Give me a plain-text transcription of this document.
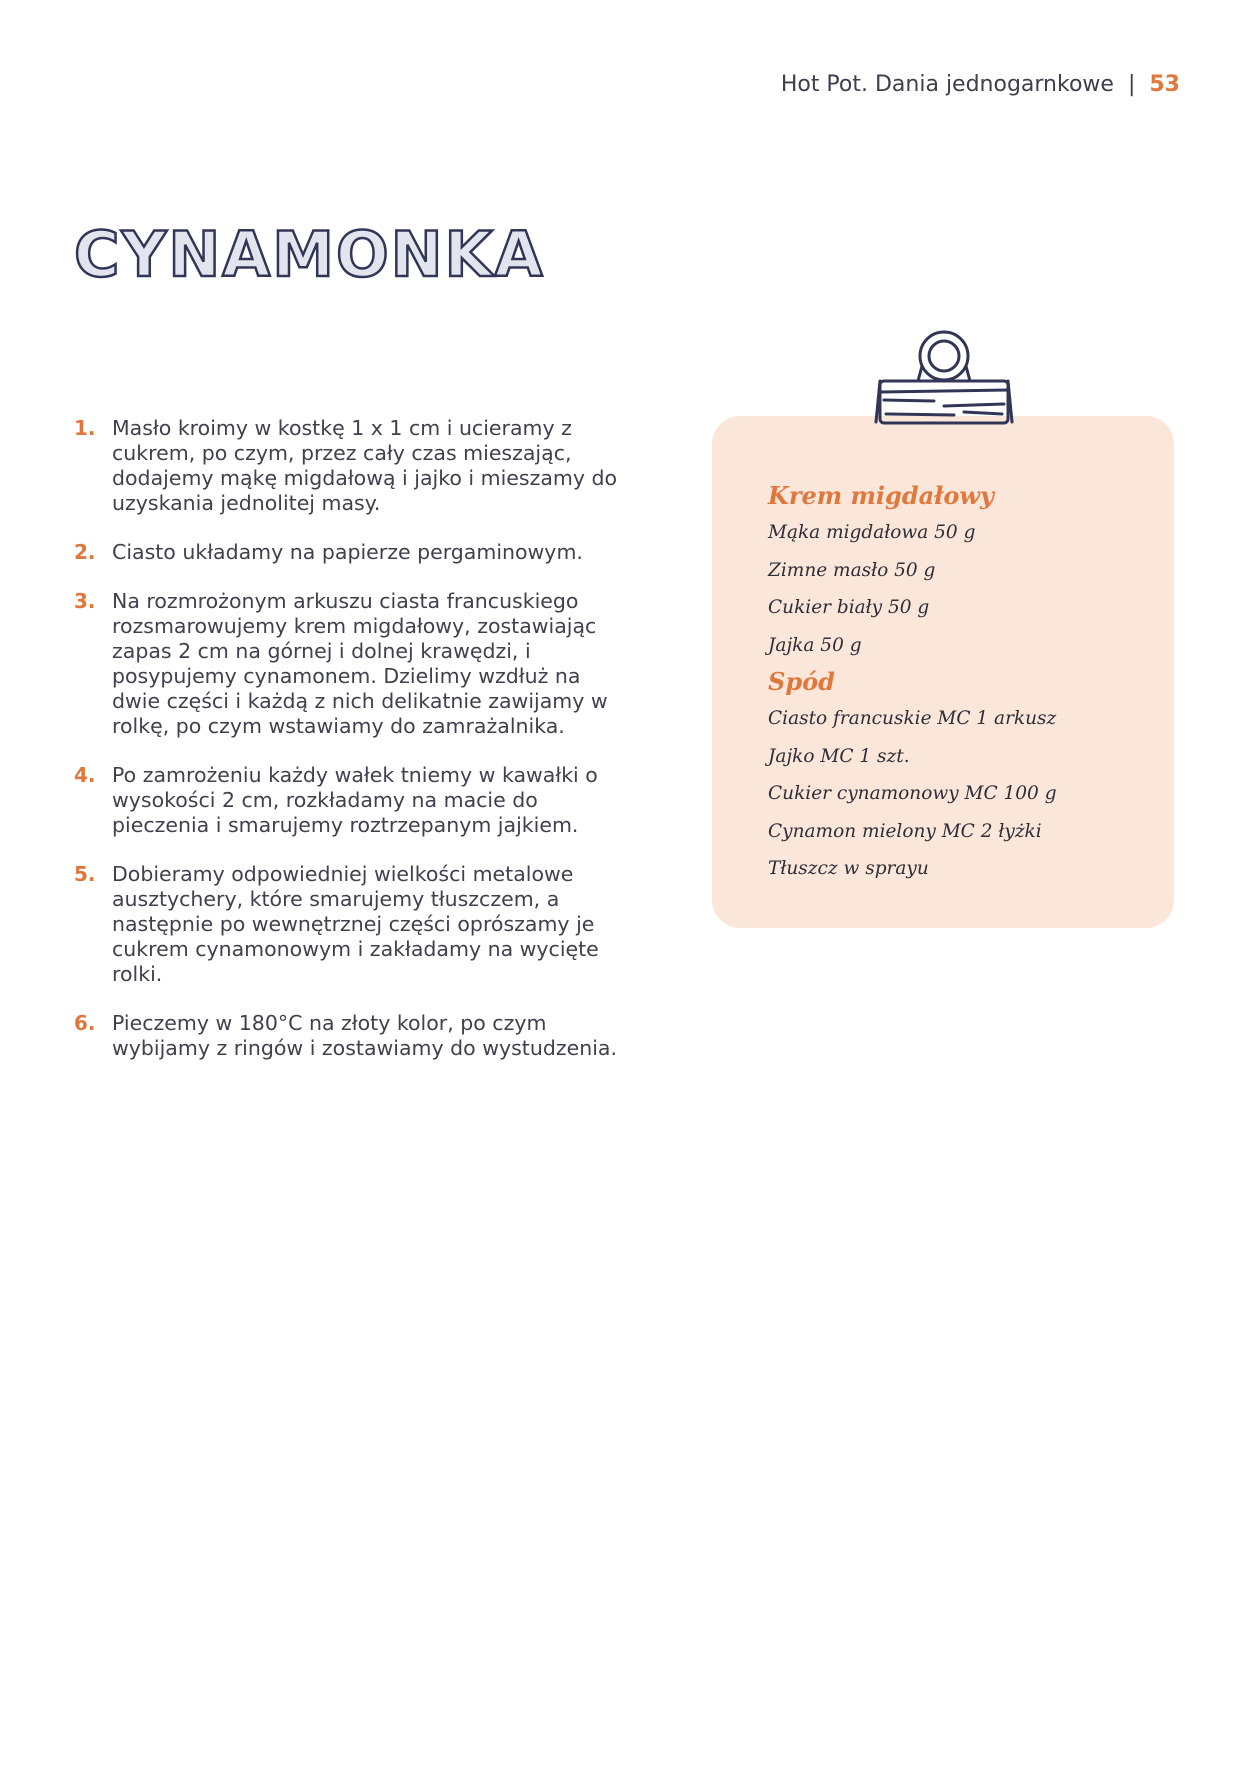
Hot Pot. Dania jednogarnkowe | 53
CYNAMONKA
1. Masło kroimy w kostkę 1 x 1 cm i ucieramy z cukrem, po czym, przez cały czas mieszając, dodajemy mąkę migdałową i jajko i mieszamy do uzyskania jednolitej masy.
2. Ciasto układamy na papierze pergaminowym.
3. Na rozmrożonym arkuszu ciasta francuskiego rozsmarowujemy krem migdałowy, zostawiając zapas 2 cm na górnej i dolnej krawędzi, i posypujemy cynamonem. Dzielimy wzdłuż na dwie części i każdą z nich delikatnie zawijamy w rolkę, po czym wstawiamy do zamrażalnika.
4. Po zamrożeniu każdy wałek tniemy w kawałki o wysokości 2 cm, rozkładamy na macie do pieczenia i smarujemy roztrzepanym jajkiem.
5. Dobieramy odpowiedniej wielkości metalowe ausztychery, które smarujemy tłuszczem, a następnie po wewnętrznej części oprószamy je cukrem cynamonowym i zakładamy na wycięte rolki.
6. Pieczemy w 180°C na złoty kolor, po czym wybijamy z ringów i zostawiamy do wystudzenia.
Krem migdałowy
Mąka migdałowa 50 g
Zimne masło 50 g
Cukier biały 50 g
Jajka 50 g
Spód
Ciasto francuskie MC 1 arkusz
Jajko MC 1 szt.
Cukier cynamonowy MC 100 g
Cynamon mielony MC 2 łyżki
Tłuszcz w sprayu
